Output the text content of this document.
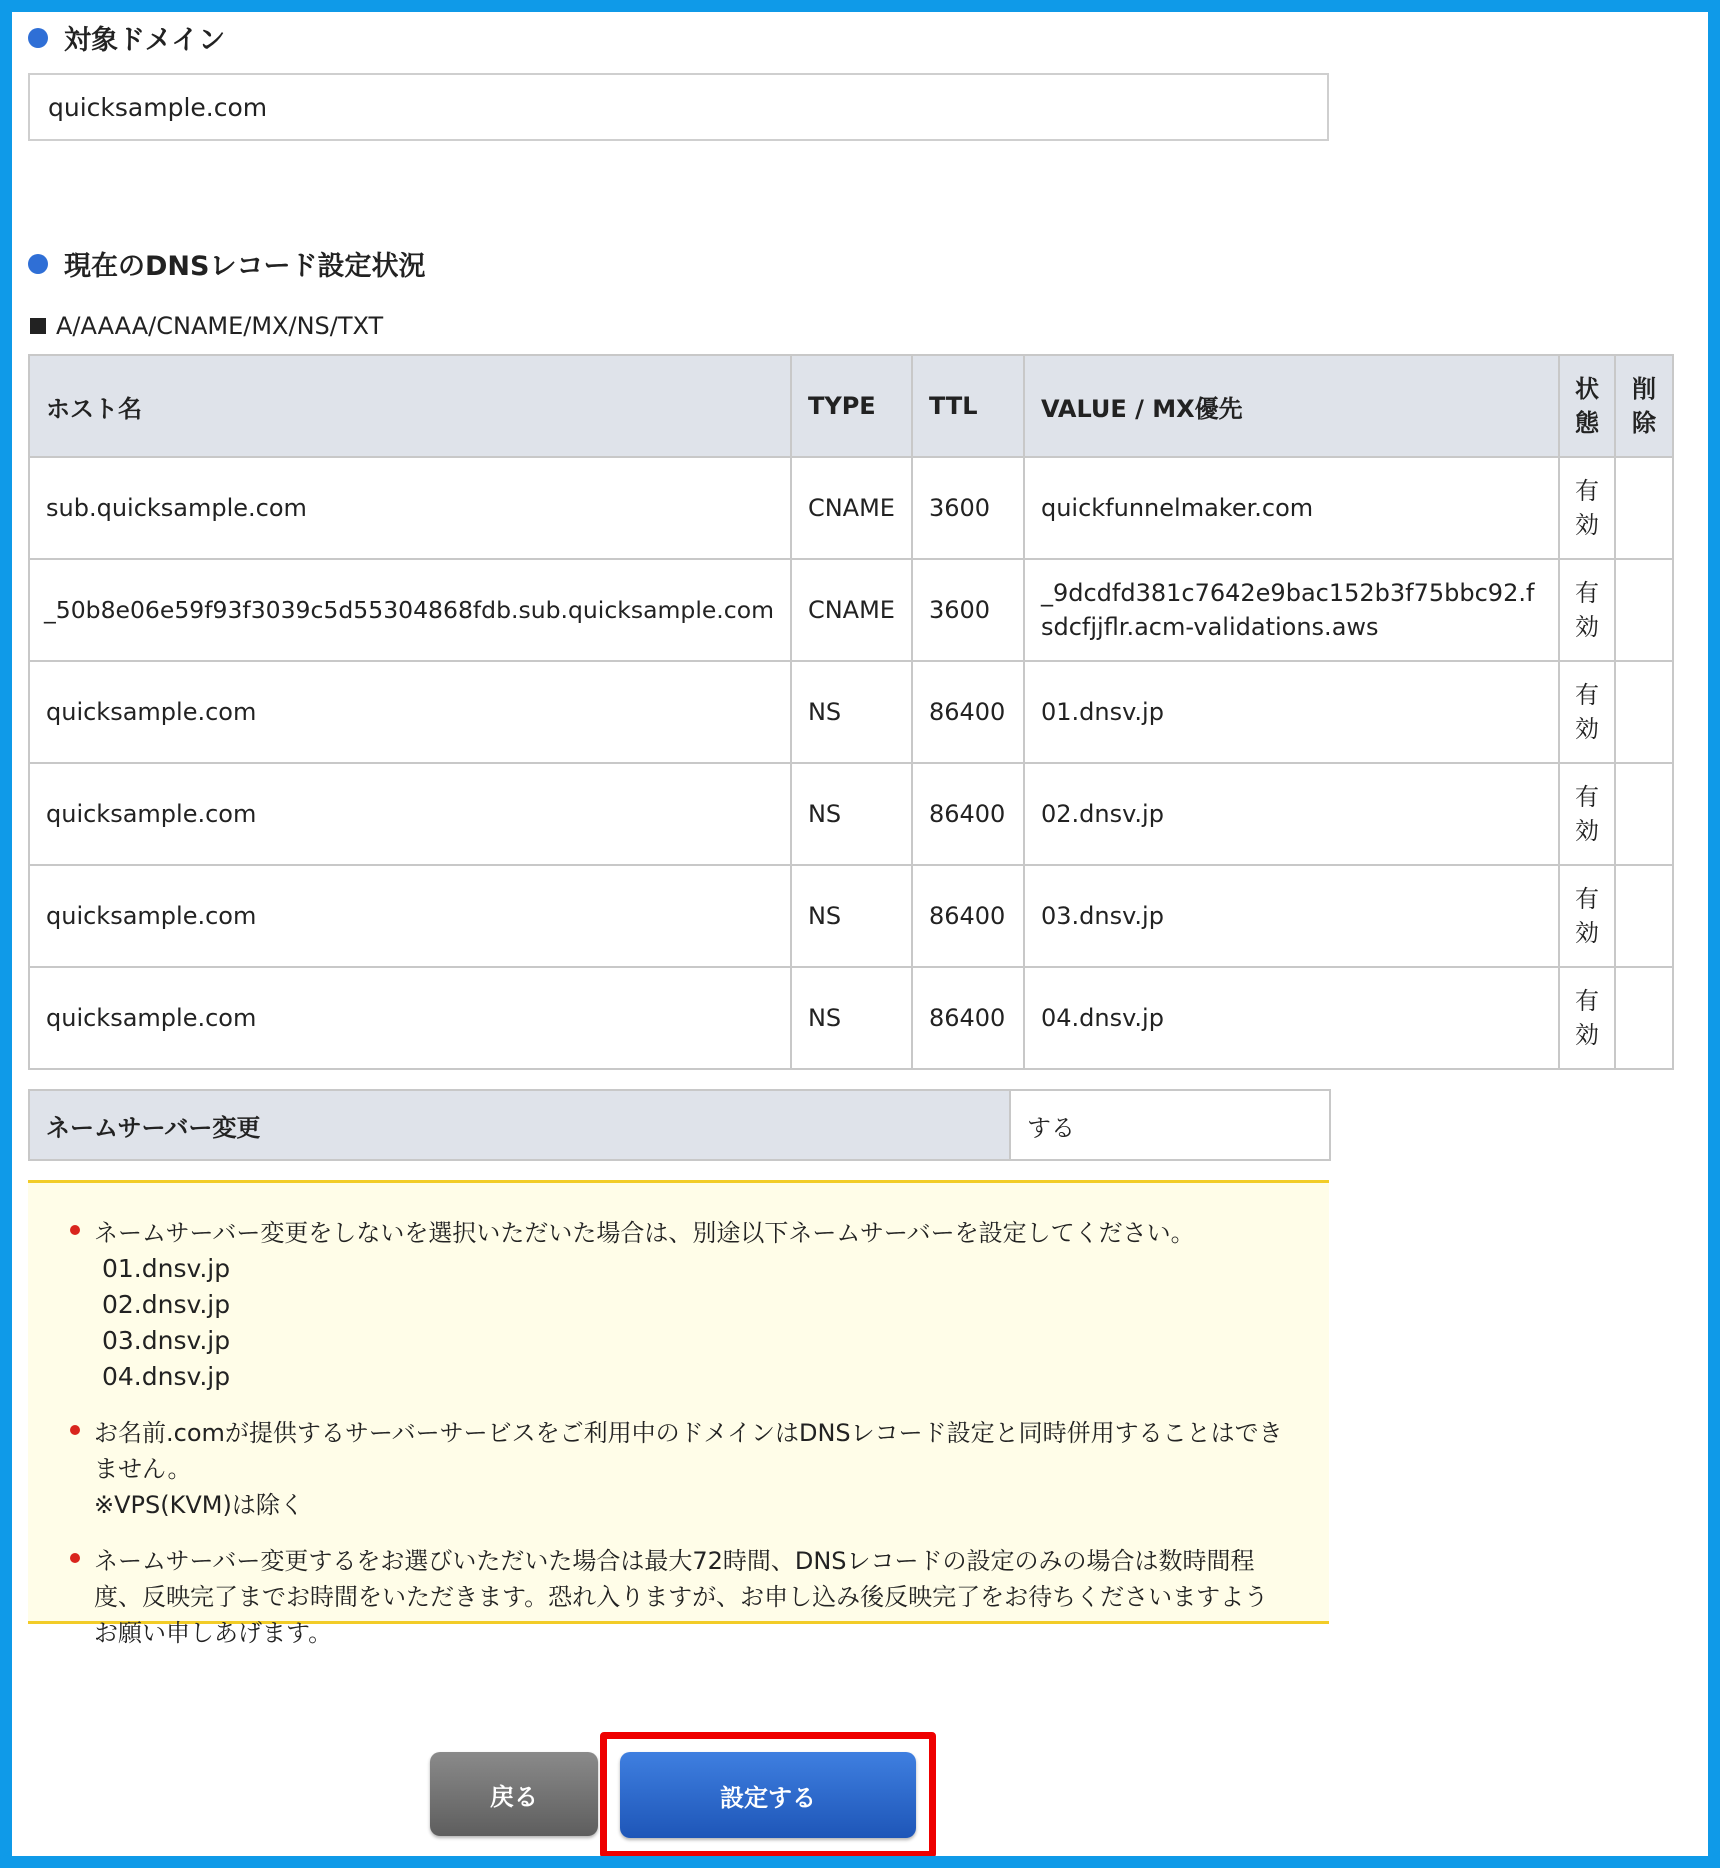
対象ドメイン
quicksample.com
現在のDNSレコード設定状況
A/AAAA/CNAME/MX/NS/TXT
ホスト名	TYPE	TTL	VALUE / MX優先	状態	削除
sub.quicksample.com	CNAME	3600	quickfunnelmaker.com	有効	
_50b8e06e59f93f3039c5d55304868fdb.sub.quicksample.com	CNAME	3600	_9dcdfd381c7642e9bac152b3f75bbc92.fsdcfjjflr.acm-validations.aws	有効	
quicksample.com	NS	86400	01.dnsv.jp	有効	
quicksample.com	NS	86400	02.dnsv.jp	有効	
quicksample.com	NS	86400	03.dnsv.jp	有効	
quicksample.com	NS	86400	04.dnsv.jp	有効	
ネームサーバー変更	する
ネームサーバー変更をしないを選択いただいた場合は、別途以下ネームサーバーを設定してください。
01.dnsv.jp
02.dnsv.jp
03.dnsv.jp
04.dnsv.jp
お名前.comが提供するサーバーサービスをご利用中のドメインはDNSレコード設定と同時併用することはできません。
※VPS(KVM)は除く
ネームサーバー変更するをお選びいただいた場合は最大72時間、DNSレコードの設定のみの場合は数時間程度、反映完了までお時間をいただきます。恐れ入りますが、お申し込み後反映完了をお待ちくださいますようお願い申しあげます。
戻る	設定する
